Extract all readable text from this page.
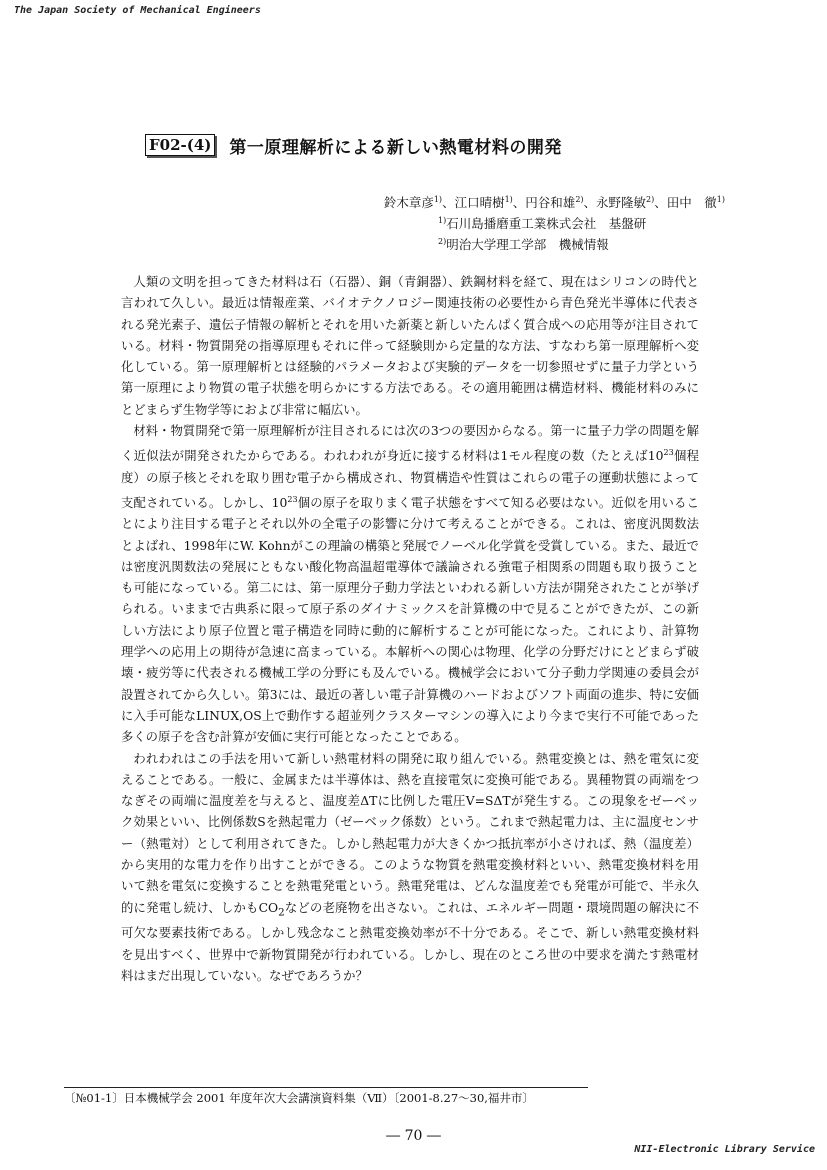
The Japan Society of Mechanical Engineers
F02-(4) 第一原理解析による新しい熱電材料の開発
鈴木章彦$^{1)}$、江口晴樹$^{1)}$、円谷和雄$^{2)}$、永野隆敏$^{2)}$、田中　徹$^{1)}$
$^{1)}$石川島播磨重工業株式会社　基盤研
$^{2)}$明治大学理工学部　機械情報

人類の文明を担ってきた材料は石（石器）、銅（青銅器）、鉄鋼材料を経て、現在はシリコンの時代と言われて久しい。最近は情報産業、バイオテクノロジー関連技術の必要性から青色発光半導体に代表される発光素子、遺伝子情報の解析とそれを用いた新薬と新しいたんぱく質合成への応用等が注目されている。材料・物質開発の指導原理もそれに伴って経験則から定量的な方法、すなわち第一原理解析へ変化している。第一原理解析とは経験的パラメータおよび実験的データを一切参照せずに量子力学という第一原理により物質の電子状態を明らかにする方法である。その適用範囲は構造材料、機能材料のみにとどまらず生物学等におよび非常に幅広い。

材料・物質開発で第一原理解析が注目されるには次の3つの要因からなる。第一に量子力学の問題を解く近似法が開発されたからである。われわれが身近に接する材料は1モル程度の数（たとえば$10^{23}$個程度）の原子核とそれを取り囲む電子から構成され、物質構造や性質はこれらの電子の運動状態によって支配されている。しかし、$10^{23}$個の原子を取りまく電子状態をすべて知る必要はない。近似を用いることにより注目する電子とそれ以外の全電子の影響に分けて考えることができる。これは、密度汎関数法とよばれ、1998年にW. Kohnがこの理論の構築と発展でノーベル化学賞を受賞している。また、最近では密度汎関数法の発展にともない酸化物高温超電導体で議論される強電子相関系の問題も取り扱うことも可能になっている。第二には、第一原理分子動力学法といわれる新しい方法が開発されたことが挙げられる。いままで古典系に限って原子系のダイナミックスを計算機の中で見ることができたが、この新しい方法により原子位置と電子構造を同時に動的に解析することが可能になった。これにより、計算物理学への応用上の期待が急速に高まっている。本解析への関心は物理、化学の分野だけにとどまらず破壊・疲労等に代表される機械工学の分野にも及んでいる。機械学会において分子動力学関連の委員会が設置されてから久しい。第3には、最近の著しい電子計算機のハードおよびソフト両面の進歩、特に安価に入手可能なLINUX,OS上で動作する超並列クラスターマシンの導入により今まで実行不可能であった多くの原子を含む計算が安価に実行可能となったことである。

われわれはこの手法を用いて新しい熱電材料の開発に取り組んでいる。熱電変換とは、熱を電気に変えることである。一般に、金属または半導体は、熱を直接電気に変換可能である。異種物質の両端をつなぎその両端に温度差を与えると、温度差ΔTに比例した電圧V=SΔTが発生する。この現象をゼーベック効果といい、比例係数Sを熱起電力（ゼーベック係数）という。これまで熱起電力は、主に温度センサー（熱電対）として利用されてきた。しかし熱起電力が大きくかつ抵抗率が小さければ、熱（温度差）から実用的な電力を作り出すことができる。このような物質を熱電変換材料といい、熱電変換材料を用いて熱を電気に変換することを熱電発電という。熱電発電は、どんな温度差でも発電が可能で、半永久的に発電し続け、しかも$CO_2$などの老廃物を出さない。これは、エネルギー問題・環境問題の解決に不可欠な要素技術である。しかし残念なこと熱電変換効率が不十分である。そこで、新しい熱電変換材料を見出すべく、世界中で新物質開発が行われている。しかし、現在のところ世の中要求を満たす熱電材料はまだ出現していない。なぜであろうか？

〔№01-1〕日本機械学会 2001 年度年次大会講演資料集（Ⅶ）〔2001-8.27～30,福井市〕
― 70 ―
NII-Electronic Library Service
